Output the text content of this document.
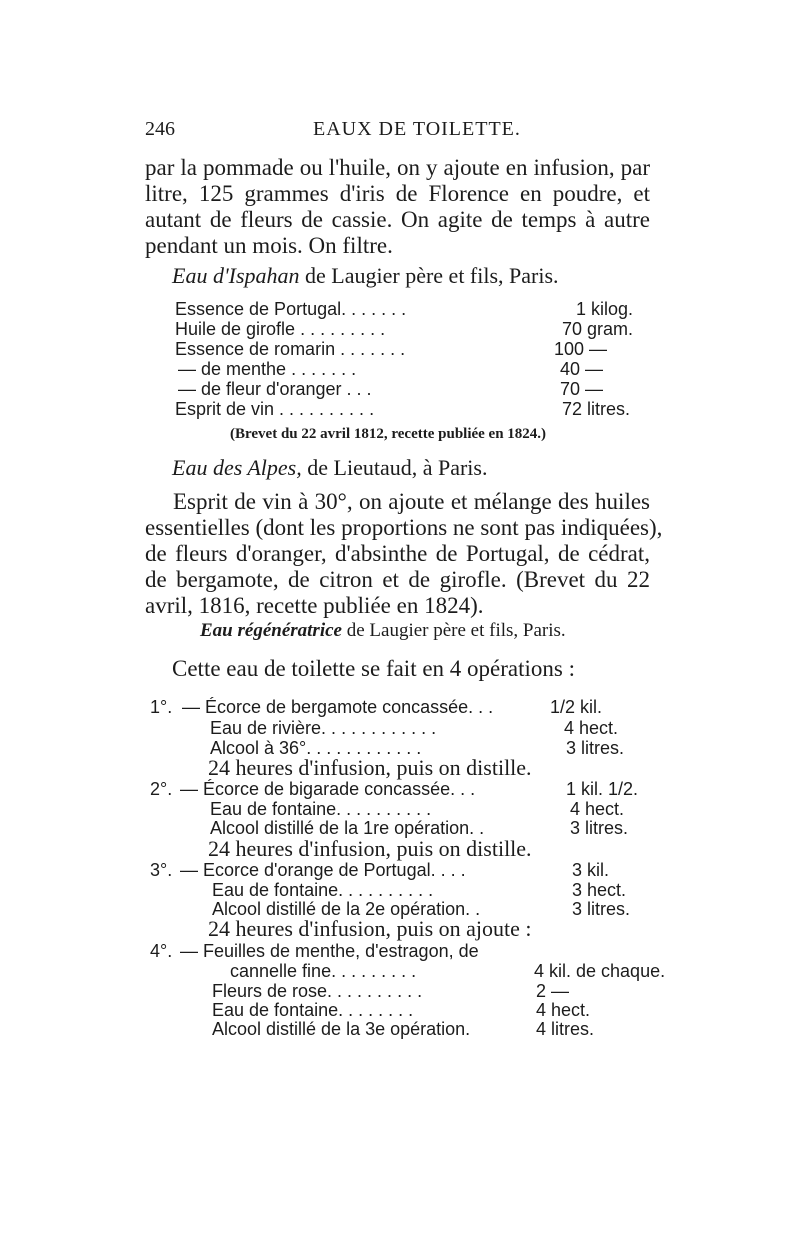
246	EAUX DE TOILETTE.
par la pommade ou l'huile, on y ajoute en infusion, par
litre, 125 grammes d'iris de Florence en poudre, et
autant de fleurs de cassie. On agite de temps à autre
pendant un mois. On filtre.
Eau d'Ispahan de Laugier père et fils, Paris.
Essence de Portugal. . . . . . .	1 kilog.
Huile de girofle . . . . . . . . .	70 gram.
Essence de romarin . . . . . . .	100 —
— de menthe . . . . . . .	40 —
— de fleur d'oranger . . .	70 —
Esprit de vin . . . . . . . . . .	72 litres.
(Brevet du 22 avril 1812, recette publiée en 1824.)
Eau des Alpes, de Lieutaud, à Paris.
Esprit de vin à 30°, on ajoute et mélange des huiles
essentielles (dont les proportions ne sont pas indiquées),
de fleurs d'oranger, d'absinthe de Portugal, de cédrat,
de bergamote, de citron et de girofle. (Brevet du 22
avril, 1816, recette publiée en 1824).
Eau régénératrice de Laugier père et fils, Paris.
Cette eau de toilette se fait en 4 opérations :
1°. — Écorce de bergamote concassée. . .	1/2 kil.
Eau de rivière. . . . . . . . . . . .	4 hect.
Alcool à 36°. . . . . . . . . . . .	3 litres.
24 heures d'infusion, puis on distille.
2°. — Écorce de bigarade concassée. . .	1 kil. 1/2.
Eau de fontaine. . . . . . . . . .	4 hect.
Alcool distillé de la 1re opération. .	3 litres.
24 heures d'infusion, puis on distille.
3°. — Ecorce d'orange de Portugal. . . .	3 kil.
Eau de fontaine. . . . . . . . . .	3 hect.
Alcool distillé de la 2e opération. .	3 litres.
24 heures d'infusion, puis on ajoute :
4°. — Feuilles de menthe, d'estragon, de
cannelle fine. . . . . . . . .	4 kil. de chaque.
Fleurs de rose. . . . . . . . . .	2 —
Eau de fontaine. . . . . . . .	4 hect.
Alcool distillé de la 3e opération.	4 litres.
